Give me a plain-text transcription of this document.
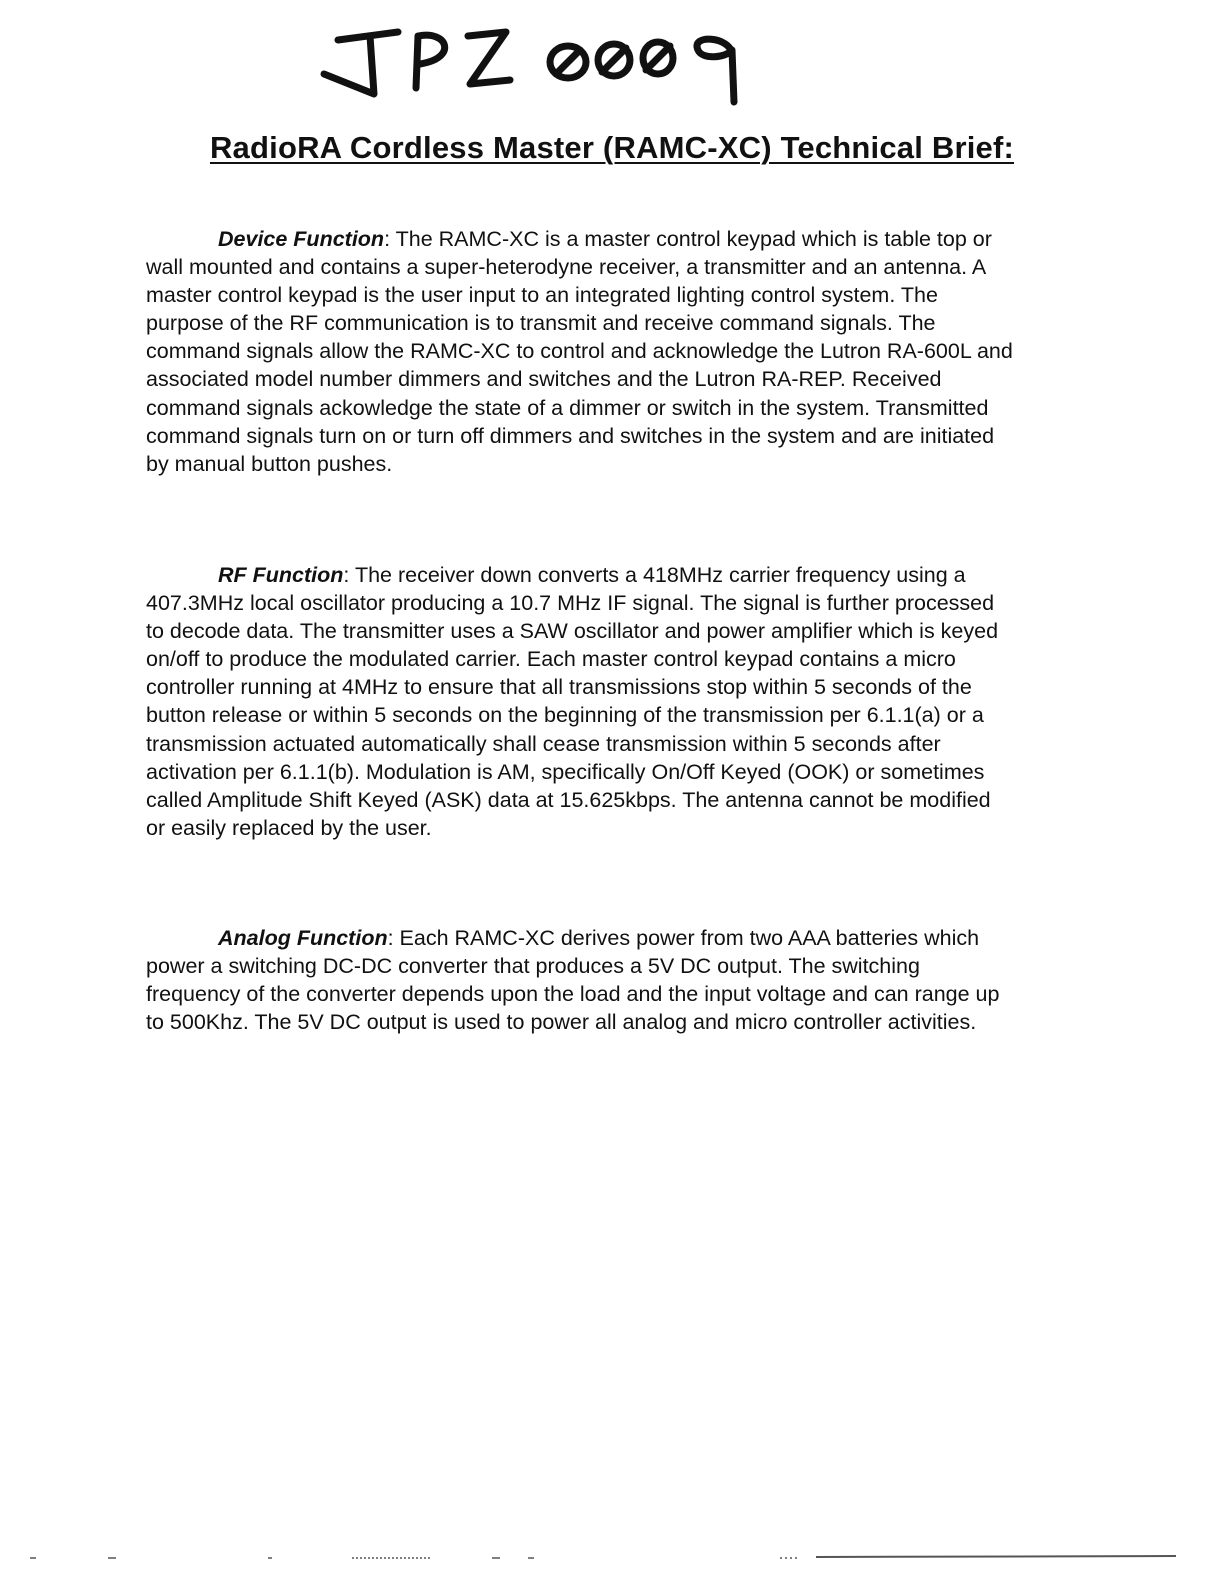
RadioRA Cordless Master (RAMC-XC) Technical Brief:

Device Function: The RAMC-XC is a master control keypad which is table top or wall mounted and contains a super-heterodyne receiver, a transmitter and an antenna. A master control keypad is the user input to an integrated lighting control system. The purpose of the RF communication is to transmit and receive command signals. The command signals allow the RAMC-XC to control and acknowledge the Lutron RA-600L and associated model number dimmers and switches and the Lutron RA-REP. Received command signals ackowledge the state of a dimmer or switch in the system. Transmitted command signals turn on or turn off dimmers and switches in the system and are initiated by manual button pushes.

RF Function: The receiver down converts a 418MHz carrier frequency using a 407.3MHz local oscillator producing a 10.7 MHz IF signal. The signal is further processed to decode data. The transmitter uses a SAW oscillator and power amplifier which is keyed on/off to produce the modulated carrier. Each master control keypad contains a micro controller running at 4MHz to ensure that all transmissions stop within 5 seconds of the button release or within 5 seconds on the beginning of the transmission per 6.1.1(a) or a transmission actuated automatically shall cease transmission within 5 seconds after activation per 6.1.1(b). Modulation is AM, specifically On/Off Keyed (OOK) or sometimes called Amplitude Shift Keyed (ASK) data at 15.625kbps. The antenna cannot be modified or easily replaced by the user.

Analog Function: Each RAMC-XC derives power from two AAA batteries which power a switching DC-DC converter that produces a 5V DC output. The switching frequency of the converter depends upon the load and the input voltage and can range up to 500Khz. The 5V DC output is used to power all analog and micro controller activities.
